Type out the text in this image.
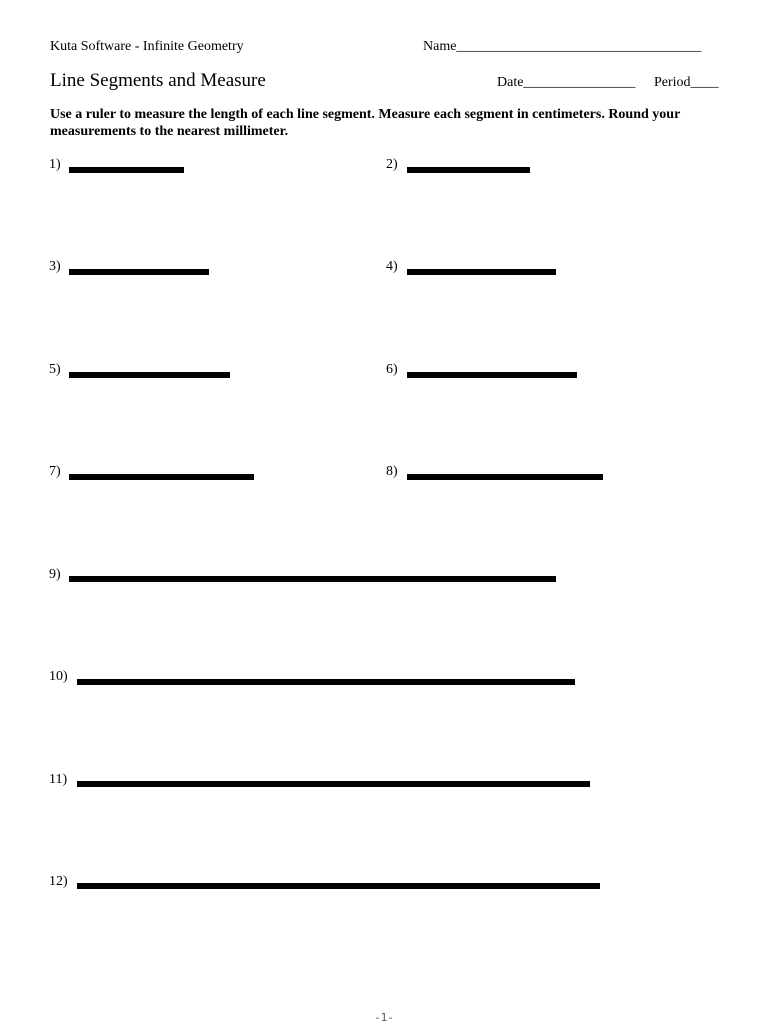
Kuta Software - Infinite Geometry	Name___________________________________
Line Segments and Measure	Date________________ Period____
Use a ruler to measure the length of each line segment. Measure each segment in centimeters. Round your measurements to the nearest millimeter.
1)	2)
3)	4)
5)	6)
7)	8)
9)
10)
11)
12)
-1-
